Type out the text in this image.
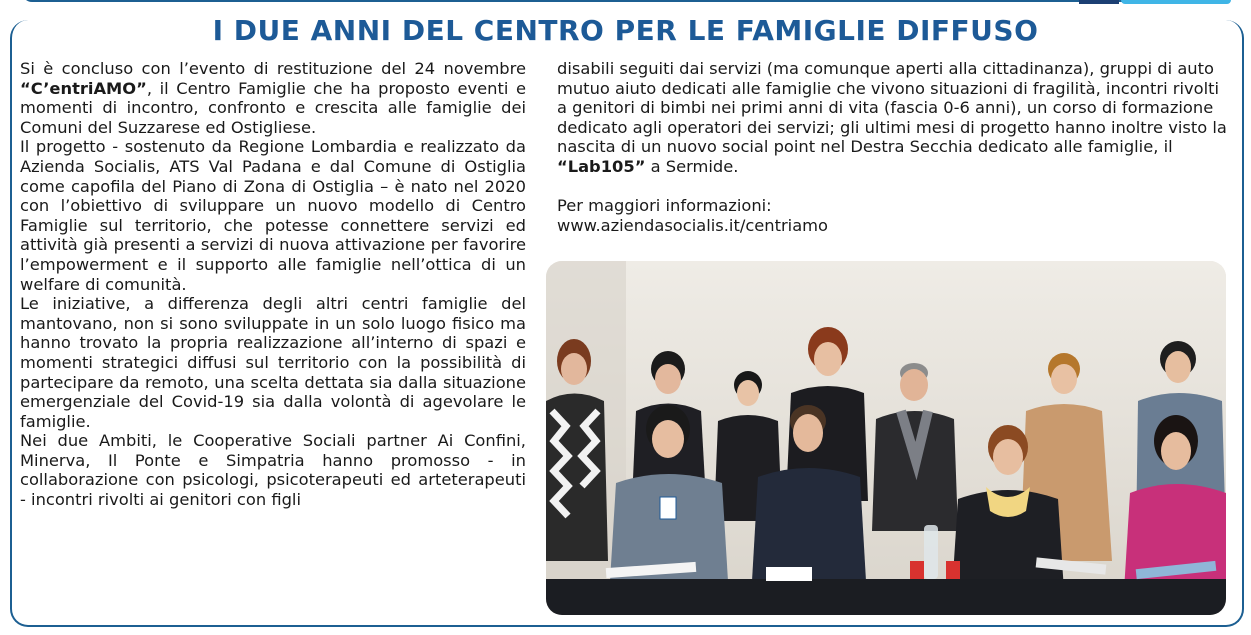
I DUE ANNI DEL CENTRO PER LE FAMIGLIE DIFFUSO

Si è concluso con l’evento di restituzione del 24 novembre “C’entriAMO”, il Centro Famiglie che ha proposto eventi e momenti di incontro, confronto e crescita alle famiglie dei Comuni del Suzzarese ed Ostigliese.

Il progetto - sostenuto da Regione Lombardia e realizzato da Azienda Socialis, ATS Val Padana e dal Comune di Ostiglia come capofila del Piano di Zona di Ostiglia – è nato nel 2020 con l’obiettivo di sviluppare un nuovo modello di Centro Famiglie sul territorio, che potesse connettere servizi ed attività già presenti a servizi di nuova attivazione per favorire l’empowerment e il supporto alle famiglie nell’ottica di un welfare di comunità.

Le iniziative, a differenza degli altri centri famiglie del mantovano, non si sono sviluppate in un solo luogo fisico ma hanno trovato la propria realizzazione all’interno di spazi e momenti strategici diffusi sul territorio con la possibilità di partecipare da remoto, una scelta dettata sia dalla situazione emergenziale del Covid-19 sia dalla volontà di agevolare le famiglie.

Nei due Ambiti, le Cooperative Sociali partner Ai Confini, Minerva, Il Ponte e Simpatria hanno promosso - in collaborazione con psicologi, psicoterapeuti ed arteterapeuti - incontri rivolti ai genitori con figli

disabili seguiti dai servizi (ma comunque aperti alla cittadinanza), gruppi di auto mutuo aiuto dedicati alle famiglie che vivono situazioni di fragilità, incontri rivolti a genitori di bimbi nei primi anni di vita (fascia 0-6 anni), un corso di formazione dedicato agli operatori dei servizi; gli ultimi mesi di progetto hanno inoltre visto la nascita di un nuovo social point nel Destra Secchia dedicato alle famiglie, il “Lab105” a Sermide.

Per maggiori informazioni:

www.aziendasocialis.it/centriamo
